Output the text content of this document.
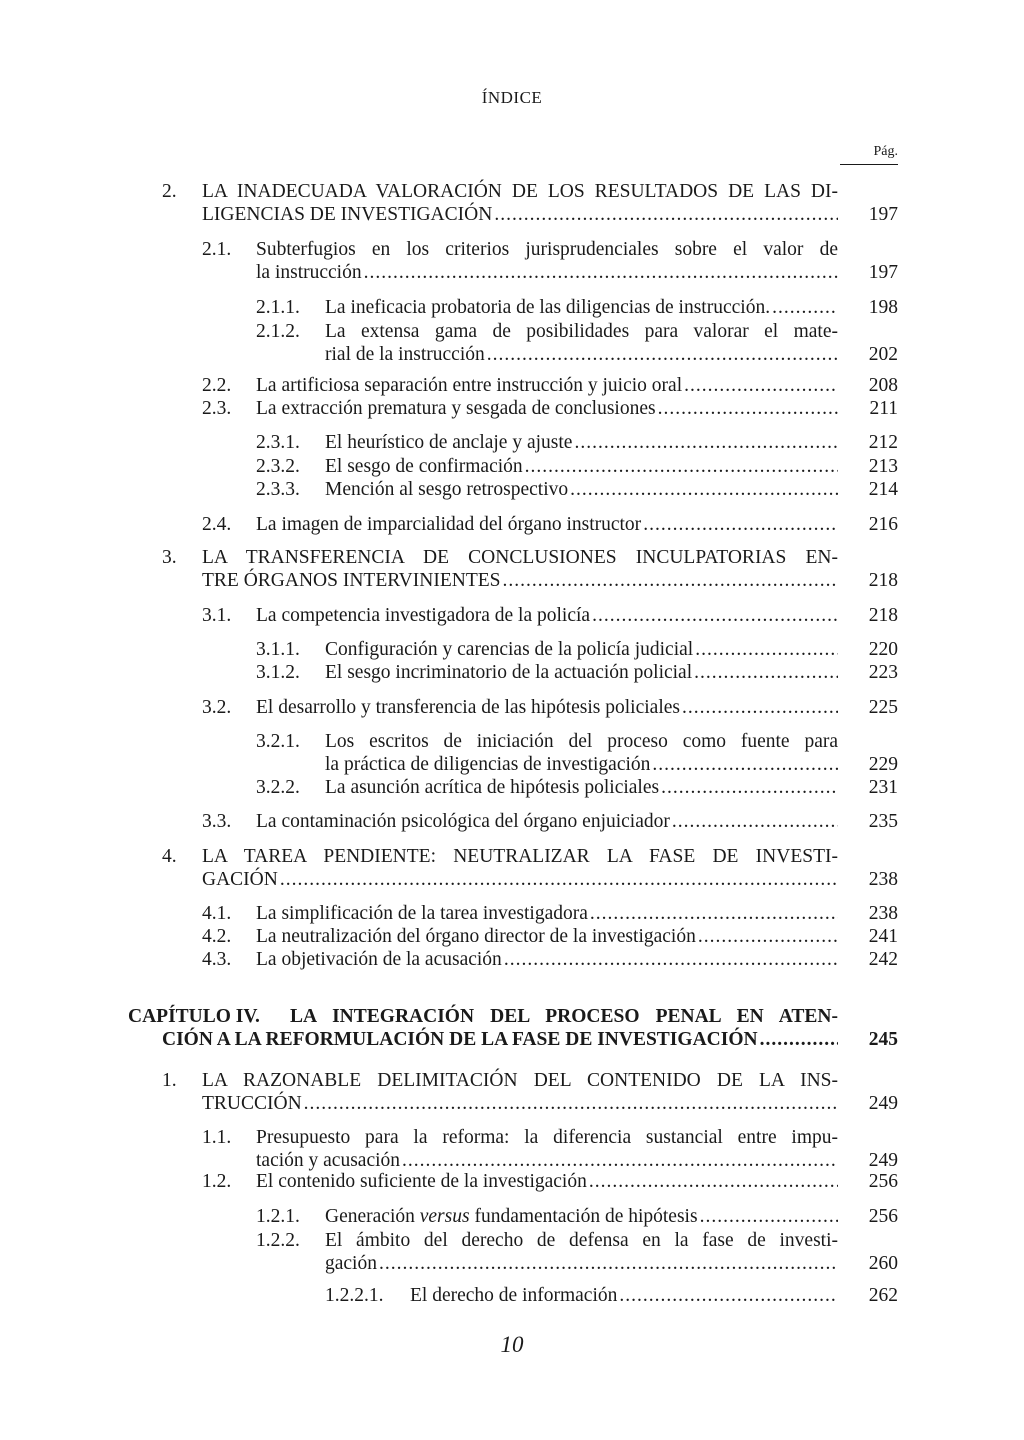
ÍNDICE
Pág.
2. LA INADECUADA VALORACIÓN DE LOS RESULTADOS DE LAS DI-
LIGENCIAS DE INVESTIGACIÓN .....	197
2.1. Subterfugios en los criterios jurisprudenciales sobre el valor de
la instrucción .....	197
2.1.1. La ineficacia probatoria de las diligencias de instrucción. .....	198
2.1.2. La extensa gama de posibilidades para valorar el mate-
rial de la instrucción .....	202
2.2. La artificiosa separación entre instrucción y juicio oral .....	208
2.3. La extracción prematura y sesgada de conclusiones .....	211
2.3.1. El heurístico de anclaje y ajuste .....	212
2.3.2. El sesgo de confirmación .....	213
2.3.3. Mención al sesgo retrospectivo .....	214
2.4. La imagen de imparcialidad del órgano instructor .....	216
3. LA TRANSFERENCIA DE CONCLUSIONES INCULPATORIAS EN-
TRE ÓRGANOS INTERVINIENTES .....	218
3.1. La competencia investigadora de la policía .....	218
3.1.1. Configuración y carencias de la policía judicial .....	220
3.1.2. El sesgo incriminatorio de la actuación policial .....	223
3.2. El desarrollo y transferencia de las hipótesis policiales .....	225
3.2.1. Los escritos de iniciación del proceso como fuente para
la práctica de diligencias de investigación .....	229
3.2.2. La asunción acrítica de hipótesis policiales .....	231
3.3. La contaminación psicológica del órgano enjuiciador .....	235
4. LA TAREA PENDIENTE: NEUTRALIZAR LA FASE DE INVESTI-
GACIÓN .....	238
4.1. La simplificación de la tarea investigadora .....	238
4.2. La neutralización del órgano director de la investigación .....	241
4.3. La objetivación de la acusación .....	242
CAPÍTULO IV. LA INTEGRACIÓN DEL PROCESO PENAL EN ATEN-
CIÓN A LA REFORMULACIÓN DE LA FASE DE INVESTIGACIÓN .....	245
1. LA RAZONABLE DELIMITACIÓN DEL CONTENIDO DE LA INS-
TRUCCIÓN .....	249
1.1. Presupuesto para la reforma: la diferencia sustancial entre impu-
tación y acusación .....	249
1.2. El contenido suficiente de la investigación .....	256
1.2.1. Generación versus fundamentación de hipótesis .....	256
1.2.2. El ámbito del derecho de defensa en la fase de investi-
gación .....	260
1.2.2.1. El derecho de información .....	262
10
